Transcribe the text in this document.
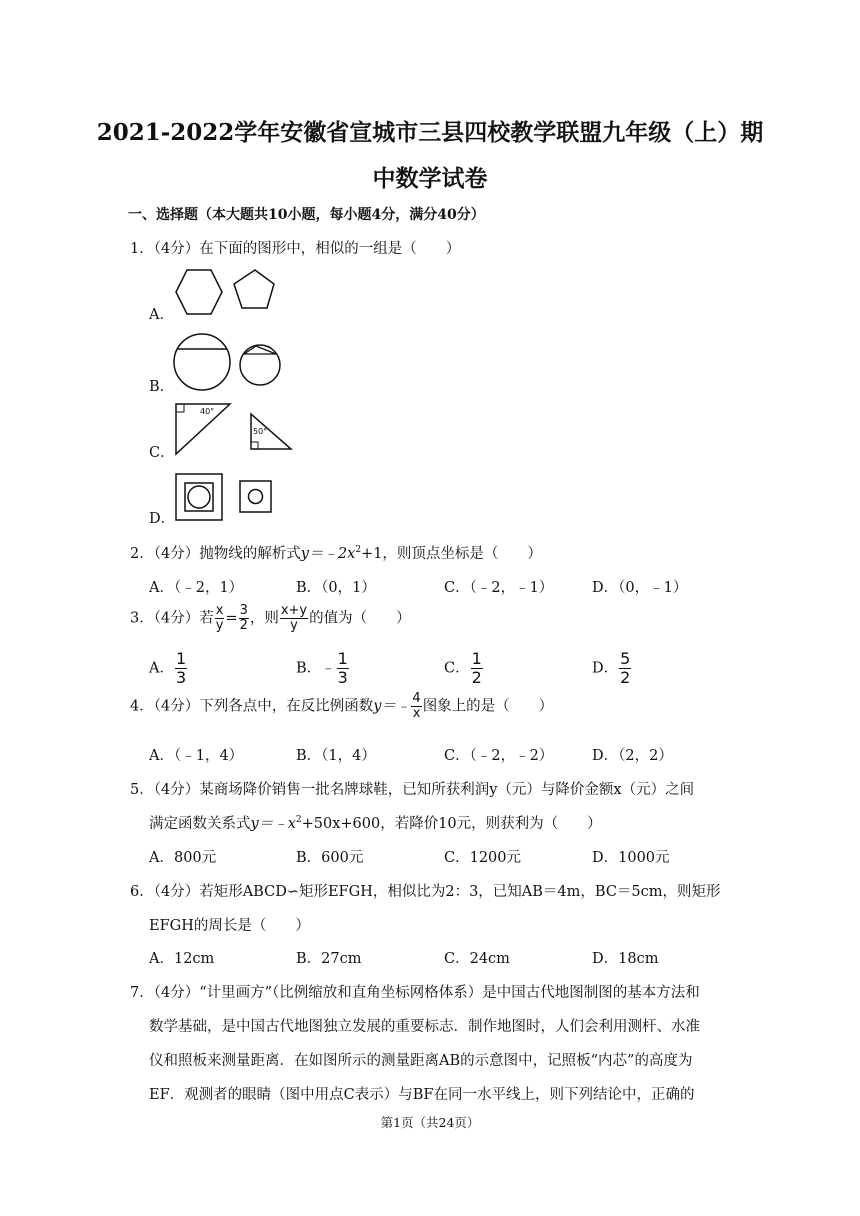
2021-2022学年安徽省宣城市三县四校教学联盟九年级（上）期
中数学试卷
一、选择题（本大题共10小题，每小题4分，满分40分）
1．（4分）在下面的图形中，相似的一组是（　　）
A．
B．
C．
40°
50°
D．
2．（4分）抛物线的解析式$y=﹣2x^2+1$，则顶点坐标是（　　）
A．（﹣2，1）	B．（0，1）	C．（﹣2，﹣1）	D．（0，﹣1）
3．（4分）若 $\frac{x}{y} = \frac{3}{2}$ ，则 $\frac{x+y}{y}$ 的值为（　　）
A． $\frac{1}{3}$	B．﹣ $\frac{1}{3}$	C． $\frac{1}{2}$	D． $\frac{5}{2}$
4．（4分）下列各点中，在反比例函数y＝﹣ $\frac{4}{x}$ 图象上的是（　　）
A．（﹣1，4）	B．（1，4）	C．（﹣2，﹣2）	D．（2，2）
5．（4分）某商场降价销售一批名牌球鞋，已知所获利润y（元）与降价金额x（元）之间
满定函数关系式$y=﹣x^2+50x+600$，若降价10元，则获利为（　　）
A．800元	B．600元	C．1200元	D．1000元
6．（4分）若矩形ABCD∽矩形EFGH，相似比为2：3，已知AB＝4m，BC＝5cm，则矩形
EFGH的周长是（　　）
A．12cm	B．27cm	C．24cm	D．18cm
7．（4分）“计里画方”（比例缩放和直角坐标网格体系）是中国古代地图制图的基本方法和
数学基础，是中国古代地图独立发展的重要标志．制作地图时，人们会利用测杆、水准
仪和照板来测量距离．在如图所示的测量距离AB的示意图中，记照板“内芯”的高度为
EF．观测者的眼睛（图中用点C表示）与BF在同一水平线上，则下列结论中，正确的
第1页（共24页）
